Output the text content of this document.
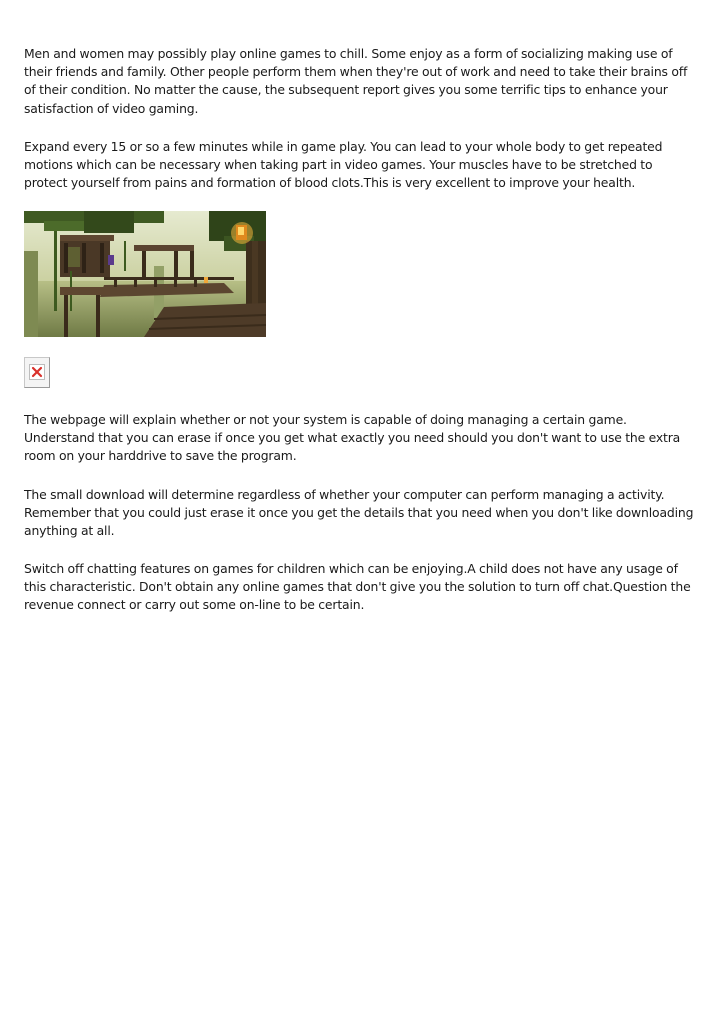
Men and women may possibly play online games to chill. Some enjoy as a form of socializing making use of their friends and family. Other people perform them when they're out of work and need to take their brains off of their condition. No matter the cause, the subsequent report gives you some terrific tips to enhance your satisfaction of video gaming.

Expand every 15 or so a few minutes while in game play. You can lead to your whole body to get repeated motions which can be necessary when taking part in video games. Your muscles have to be stretched to protect yourself from pains and formation of blood clots.This is very excellent to improve your health.

The webpage will explain whether or not your system is capable of doing managing a certain game. Understand that you can erase if once you get what exactly you need should you don't want to use the extra room on your harddrive to save the program.

The small download will determine regardless of whether your computer can perform managing a activity. Remember that you could just erase it once you get the details that you need when you don't like downloading anything at all.

Switch off chatting features on games for children which can be enjoying.A child does not have any usage of this characteristic. Don't obtain any online games that don't give you the solution to turn off chat.Question the revenue connect or carry out some on-line to be certain.
